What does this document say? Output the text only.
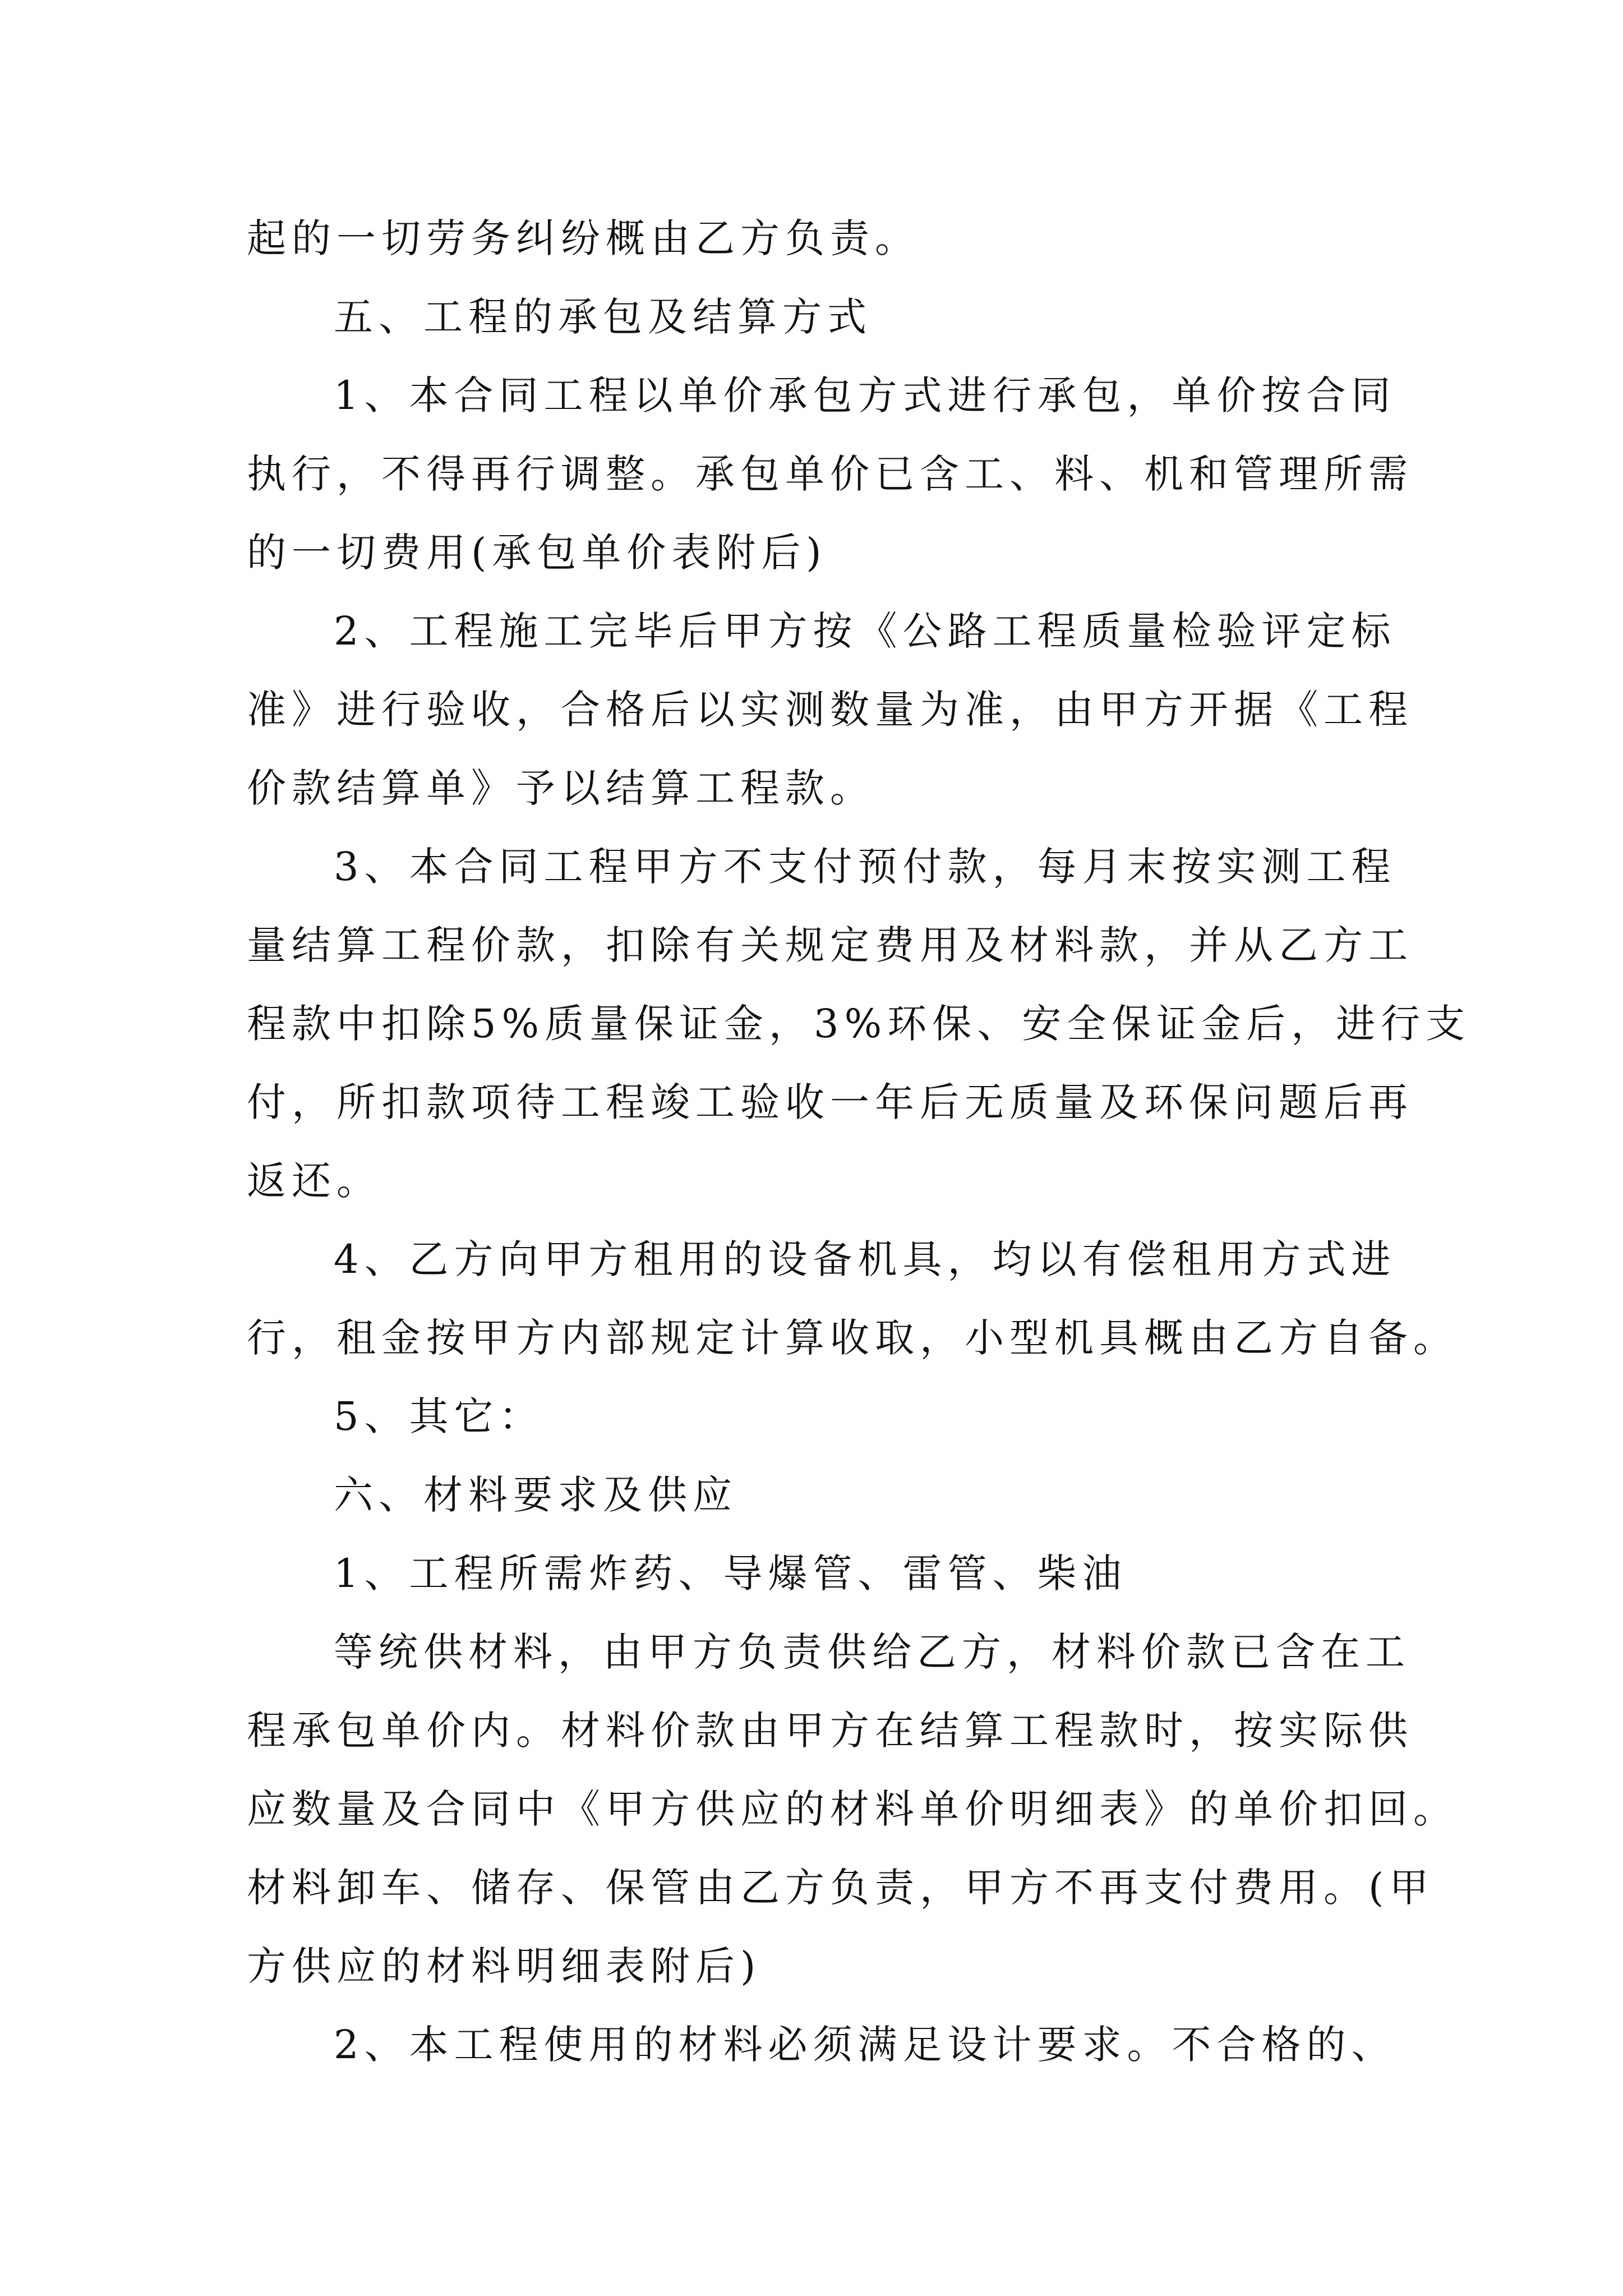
起的一切劳务纠纷概由乙方负责。
五、工程的承包及结算方式
1、本合同工程以单价承包方式进行承包，单价按合同
执行，不得再行调整。承包单价已含工、料、机和管理所需
的一切费用(承包单价表附后)
2、工程施工完毕后甲方按《公路工程质量检验评定标
准》进行验收，合格后以实测数量为准，由甲方开据《工程
价款结算单》予以结算工程款。
3、本合同工程甲方不支付预付款，每月末按实测工程
量结算工程价款，扣除有关规定费用及材料款，并从乙方工
程款中扣除5%质量保证金，3%环保、安全保证金后，进行支
付，所扣款项待工程竣工验收一年后无质量及环保问题后再
返还。
4、乙方向甲方租用的设备机具，均以有偿租用方式进
行，租金按甲方内部规定计算收取，小型机具概由乙方自备。
5、其它：
六、材料要求及供应
1、工程所需炸药、导爆管、雷管、柴油
等统供材料，由甲方负责供给乙方，材料价款已含在工
程承包单价内。材料价款由甲方在结算工程款时，按实际供
应数量及合同中《甲方供应的材料单价明细表》的单价扣回。
材料卸车、储存、保管由乙方负责，甲方不再支付费用。(甲
方供应的材料明细表附后)
2、本工程使用的材料必须满足设计要求。不合格的、
